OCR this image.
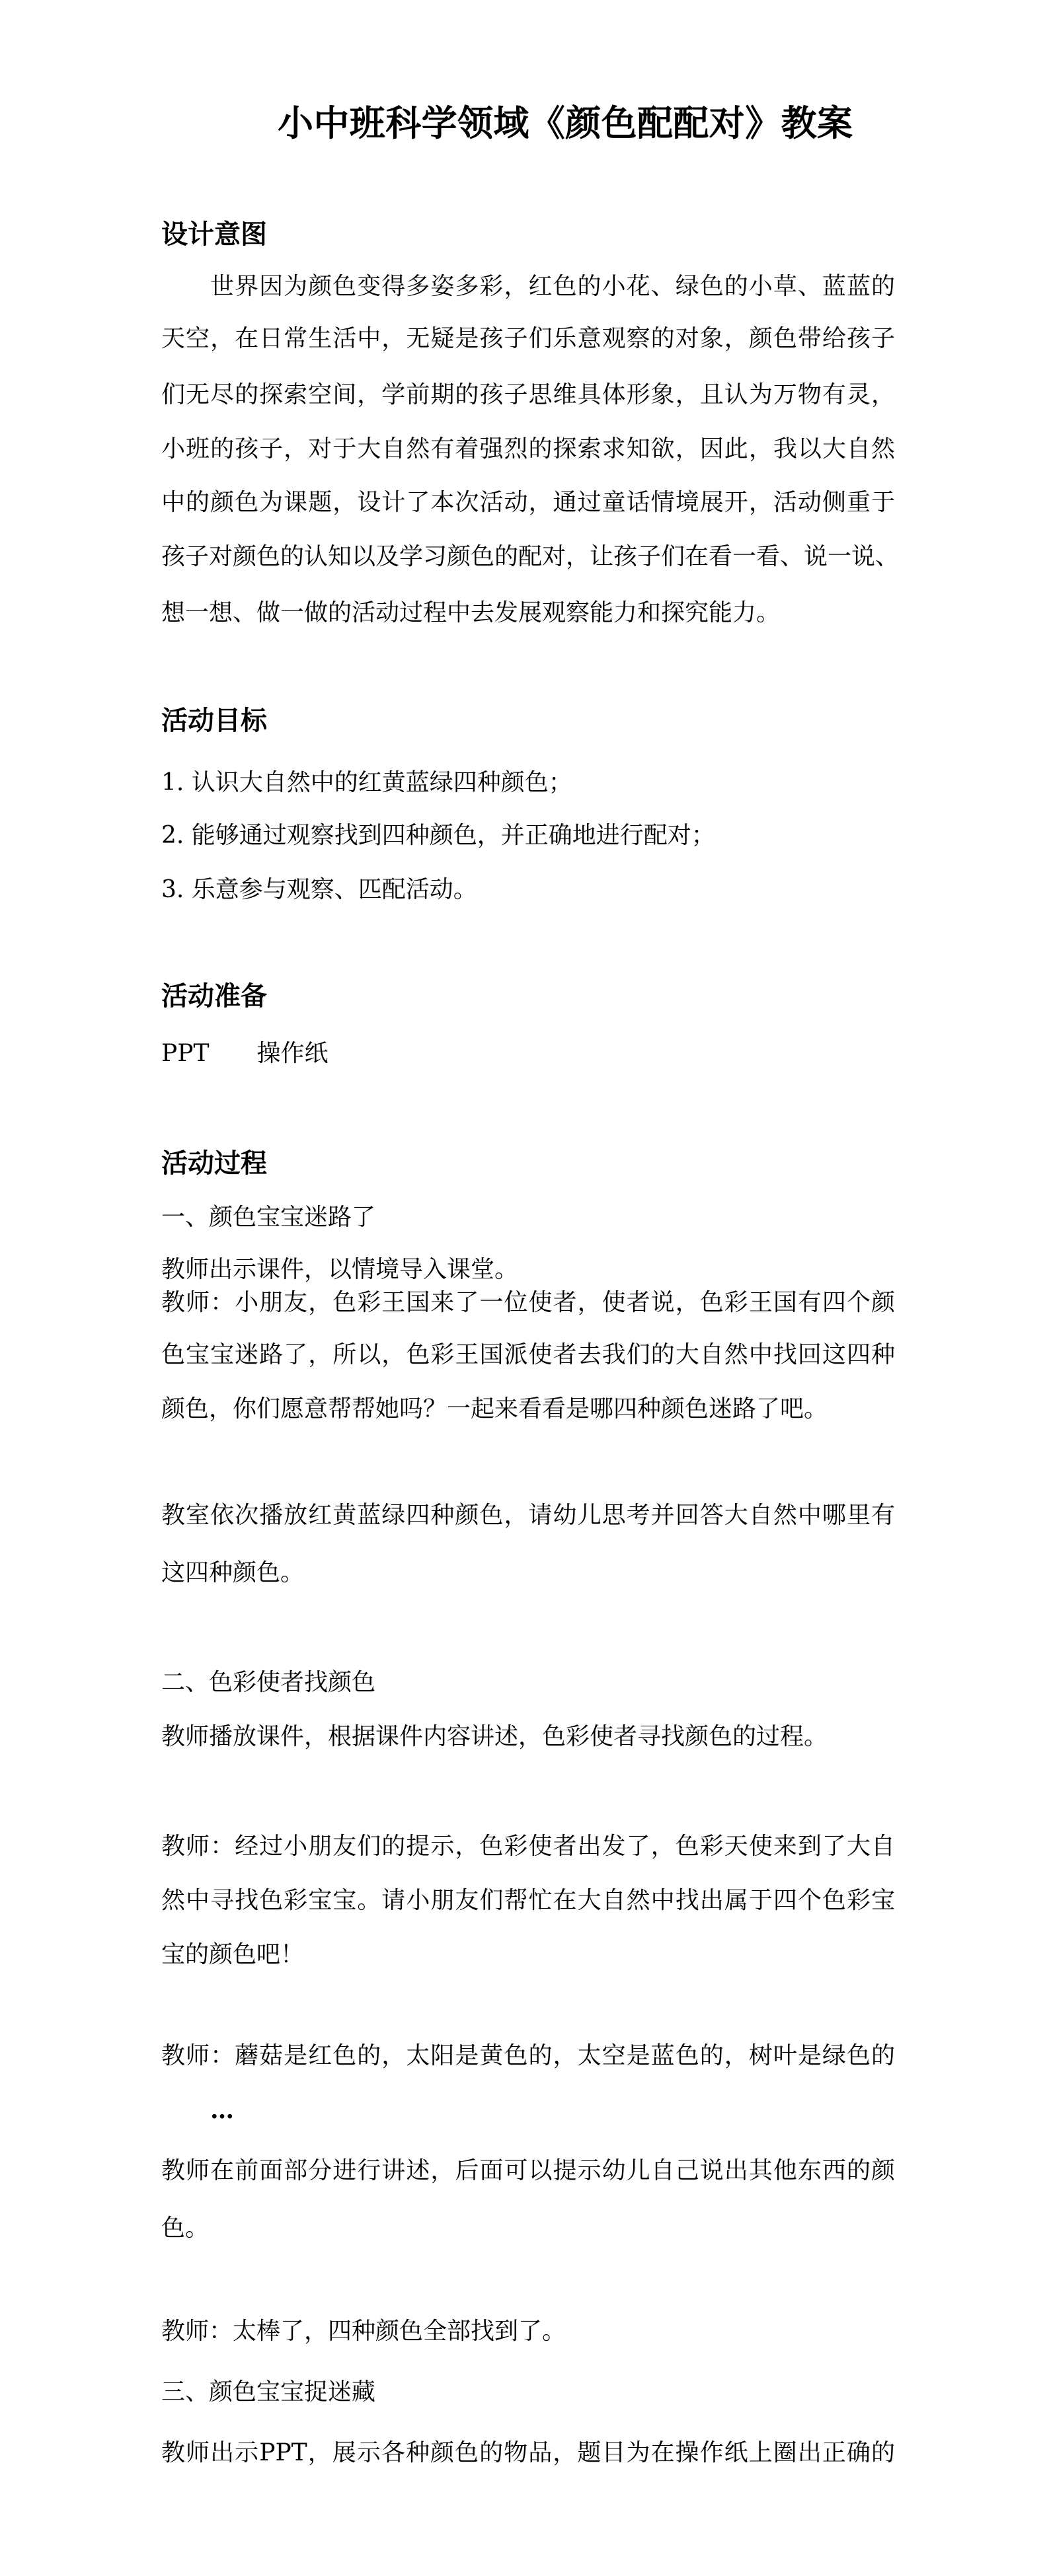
小中班科学领域《颜色配配对》教案
设计意图
世界因为颜色变得多姿多彩，红色的小花、绿色的小草、蓝蓝的
天空，在日常生活中，无疑是孩子们乐意观察的对象，颜色带给孩子
们无尽的探索空间，学前期的孩子思维具体形象，且认为万物有灵，
小班的孩子，对于大自然有着强烈的探索求知欲，因此，我以大自然
中的颜色为课题，设计了本次活动，通过童话情境展开，活动侧重于
孩子对颜色的认知以及学习颜色的配对，让孩子们在看一看、说一说、
想一想、做一做的活动过程中去发展观察能力和探究能力。
活动目标
1. 认识大自然中的红黄蓝绿四种颜色；
2. 能够通过观察找到四种颜色，并正确地进行配对；
3. 乐意参与观察、匹配活动。
活动准备
PPT　　操作纸
活动过程
一、颜色宝宝迷路了
教师出示课件，以情境导入课堂。
教师：小朋友，色彩王国来了一位使者，使者说，色彩王国有四个颜
色宝宝迷路了，所以，色彩王国派使者去我们的大自然中找回这四种
颜色，你们愿意帮帮她吗？一起来看看是哪四种颜色迷路了吧。
教室依次播放红黄蓝绿四种颜色，请幼儿思考并回答大自然中哪里有
这四种颜色。
二、色彩使者找颜色
教师播放课件，根据课件内容讲述，色彩使者寻找颜色的过程。
教师：经过小朋友们的提示，色彩使者出发了，色彩天使来到了大自
然中寻找色彩宝宝。请小朋友们帮忙在大自然中找出属于四个色彩宝
宝的颜色吧！
教师：蘑菇是红色的，太阳是黄色的，太空是蓝色的，树叶是绿色的
…
教师在前面部分进行讲述，后面可以提示幼儿自己说出其他东西的颜
色。
教师：太棒了，四种颜色全部找到了。
三、颜色宝宝捉迷藏
教师出示PPT，展示各种颜色的物品，题目为在操作纸上圈出正确的
